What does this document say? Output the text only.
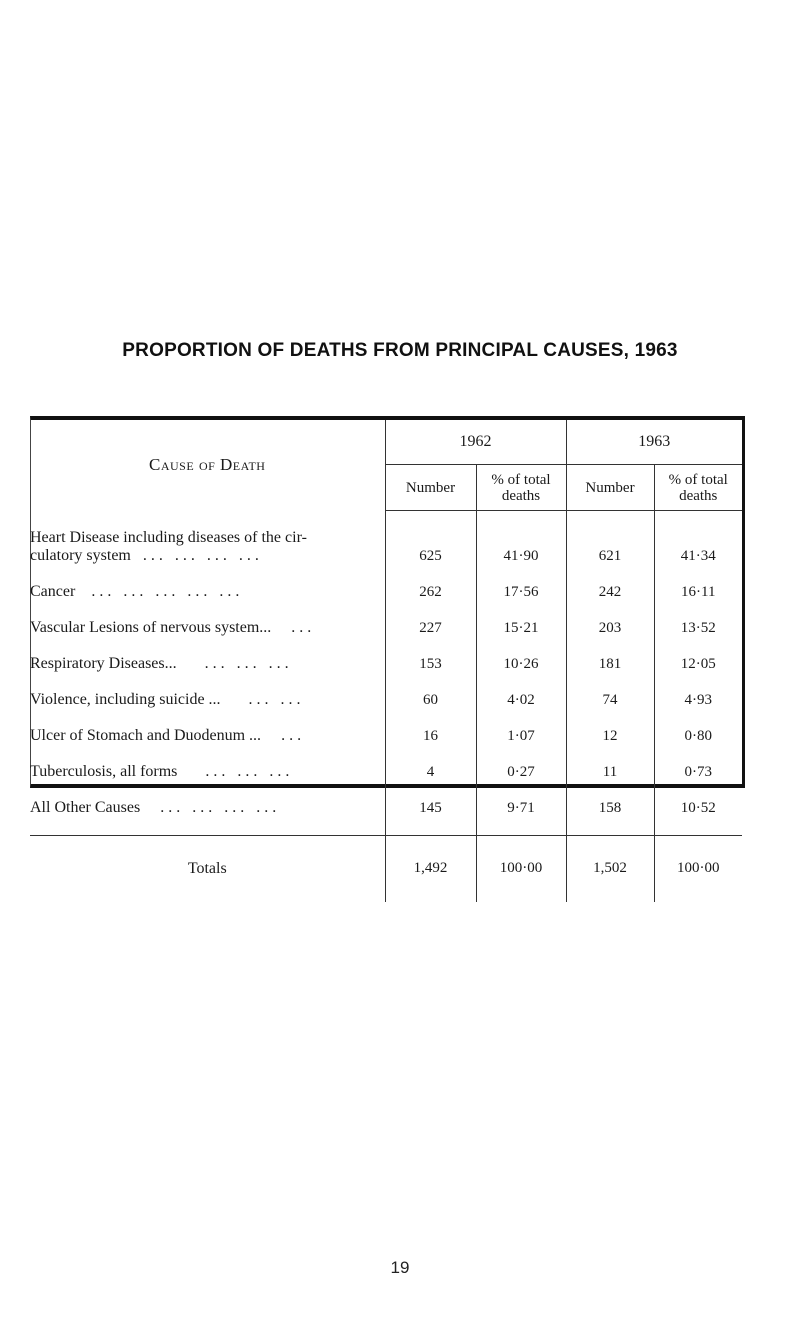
PROPORTION OF DEATHS FROM PRINCIPAL CAUSES, 1963
Cause of Death	1962		1963	
	Number	% of total deaths	Number	% of total deaths

Heart Disease including diseases of the cir-
culatory system ... ... ... ...	625	41·90	621	41·34
Cancer ... ... ... ... ...	262	17·56	242	16·11
Vascular Lesions of nervous system... ...	227	15·21	203	13·52
Respiratory Diseases... ... ... ...	153	10·26	181	12·05
Violence, including suicide ... ... ...	60	4·02	74	4·93
Ulcer of Stomach and Duodenum ... ...	16	1·07	12	0·80
Tuberculosis, all forms ... ... ...	4	0·27	11	0·73
All Other Causes ... ... ... ...	145	9·71	158	10·52

Totals	1,492	100·00	1,502	100·00
19
